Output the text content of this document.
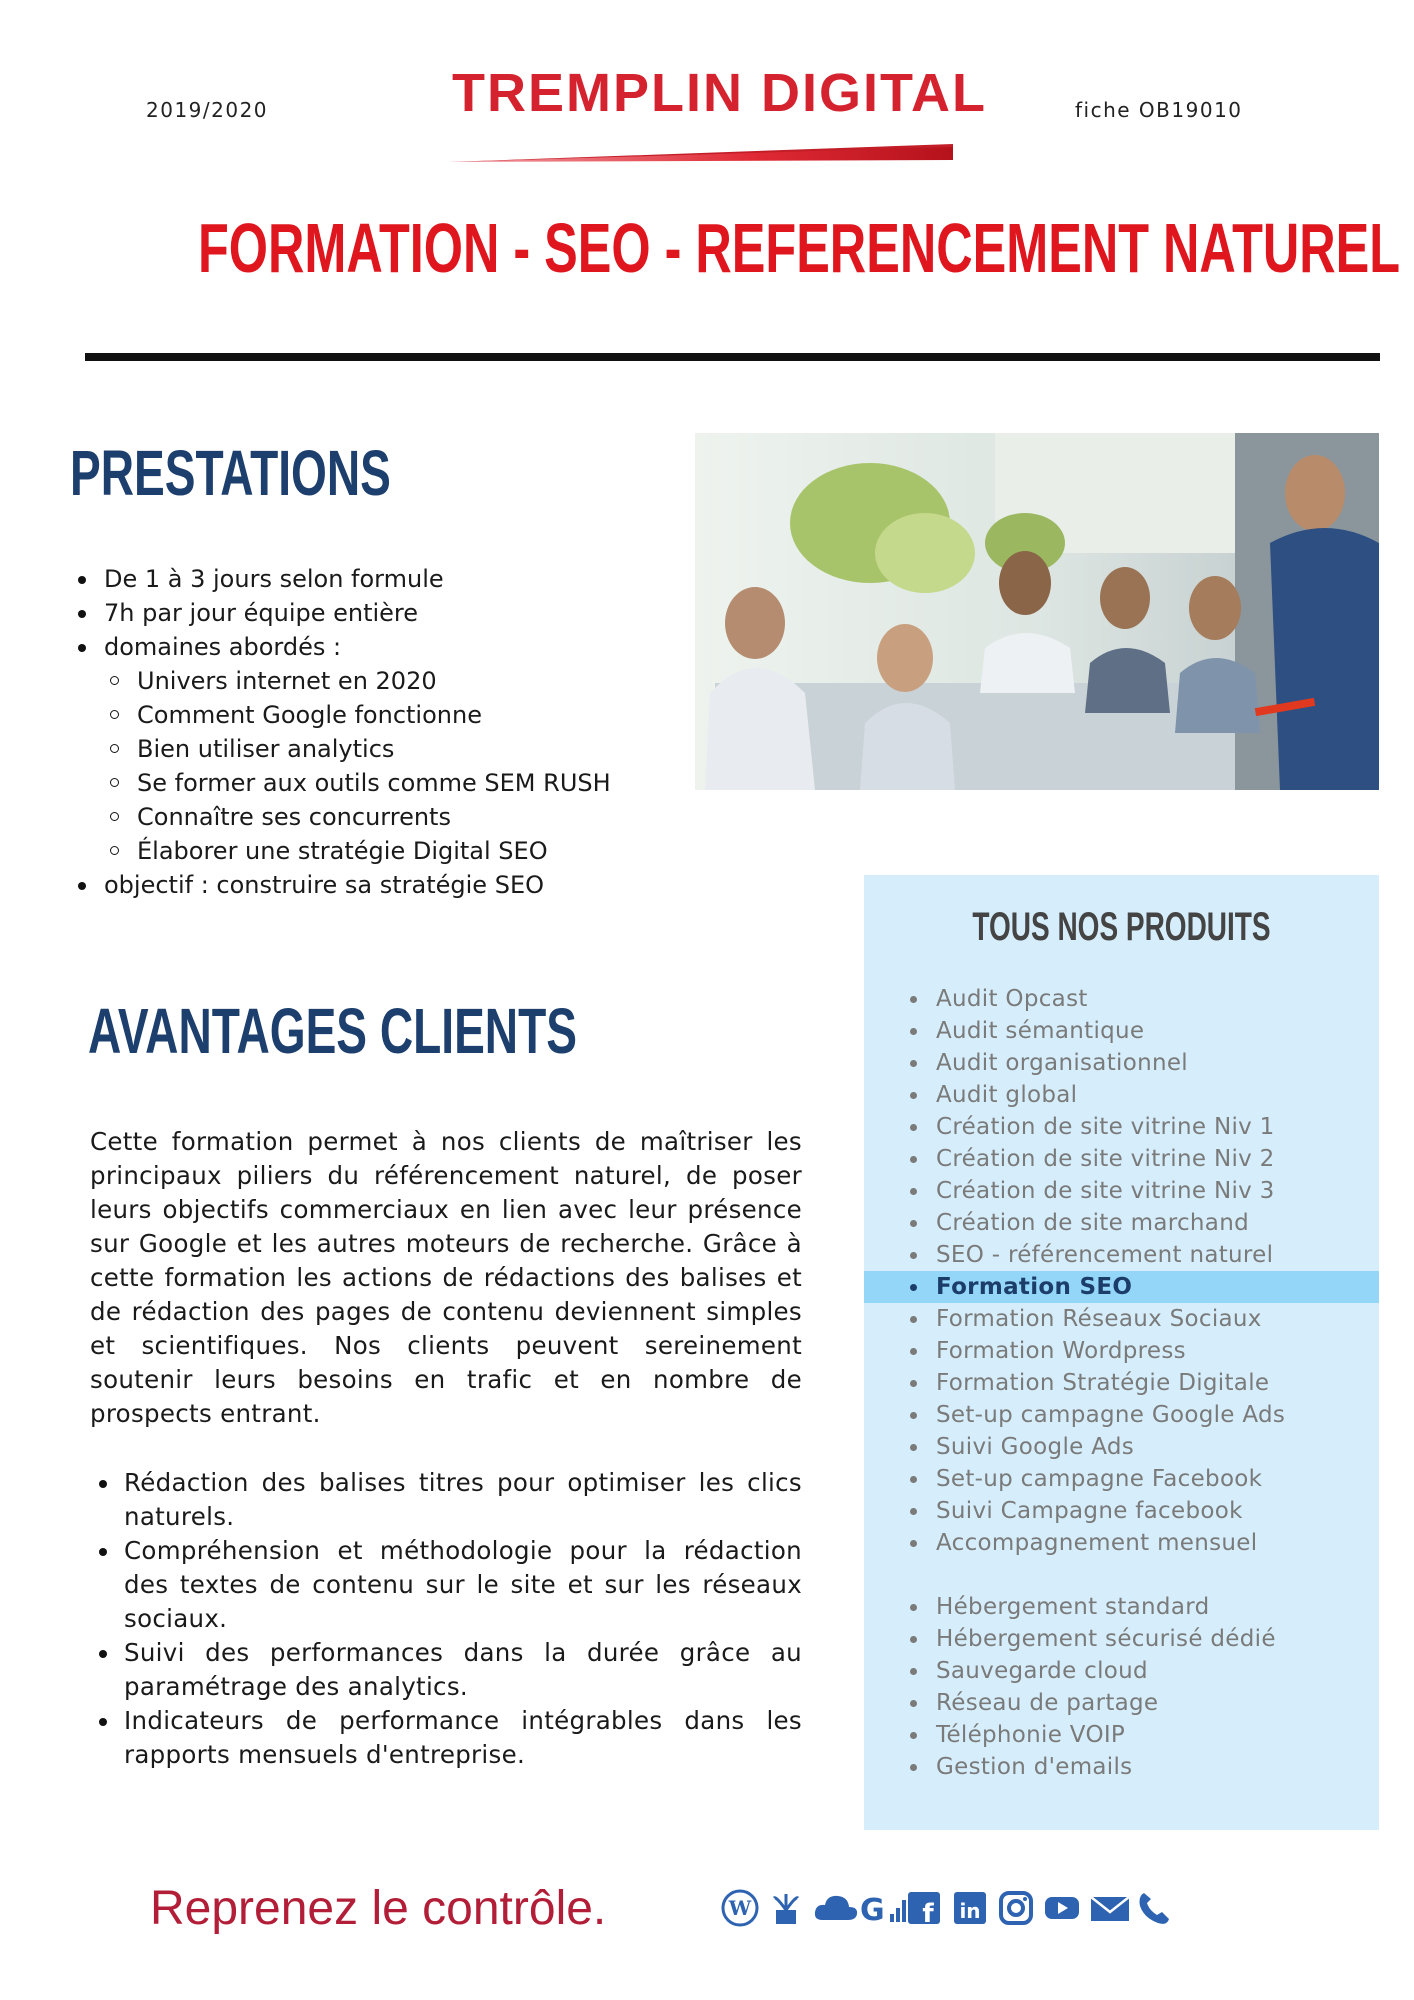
2019/2020	TREMPLIN DIGITAL	fiche OB19010
FORMATION - SEO - REFERENCEMENT NATUREL
PRESTATIONS
De 1 à 3 jours selon formule
7h par jour équipe entière
domaines abordés :
Univers internet en 2020
Comment Google fonctionne
Bien utiliser analytics
Se former aux outils comme SEM RUSH
Connaître ses concurrents
Élaborer une stratégie Digital SEO
objectif : construire sa stratégie SEO
AVANTAGES CLIENTS
Cette formation permet à nos clients de maîtriser les principaux piliers du référencement naturel, de poser leurs objectifs commerciaux en lien avec leur présence sur Google et les autres moteurs de recherche. Grâce à cette formation les actions de rédactions des balises et de rédaction des pages de contenu deviennent simples et scientifiques. Nos clients peuvent sereinement soutenir leurs besoins en trafic et en nombre de prospects entrant.
Rédaction des balises titres pour optimiser les clics naturels.
Compréhension et méthodologie pour la rédaction des textes de contenu sur le site et sur les réseaux sociaux.
Suivi des performances dans la durée grâce au paramétrage des analytics.
Indicateurs de performance intégrables dans les rapports mensuels d'entreprise.
TOUS NOS PRODUITS
Audit Opcast
Audit sémantique
Audit organisationnel
Audit global
Création de site vitrine Niv 1
Création de site vitrine Niv 2
Création de site vitrine Niv 3
Création de site marchand
SEO - référencement naturel
Formation SEO
Formation Réseaux Sociaux
Formation Wordpress
Formation Stratégie Digitale
Set-up campagne Google Ads
Suivi Google Ads
Set-up campagne Facebook
Suivi Campagne facebook
Accompagnement mensuel
Hébergement standard
Hébergement sécurisé dédié
Sauvegarde cloud
Réseau de partage
Téléphonie VOIP
Gestion d'emails
Reprenez le contrôle.	W	G f in
